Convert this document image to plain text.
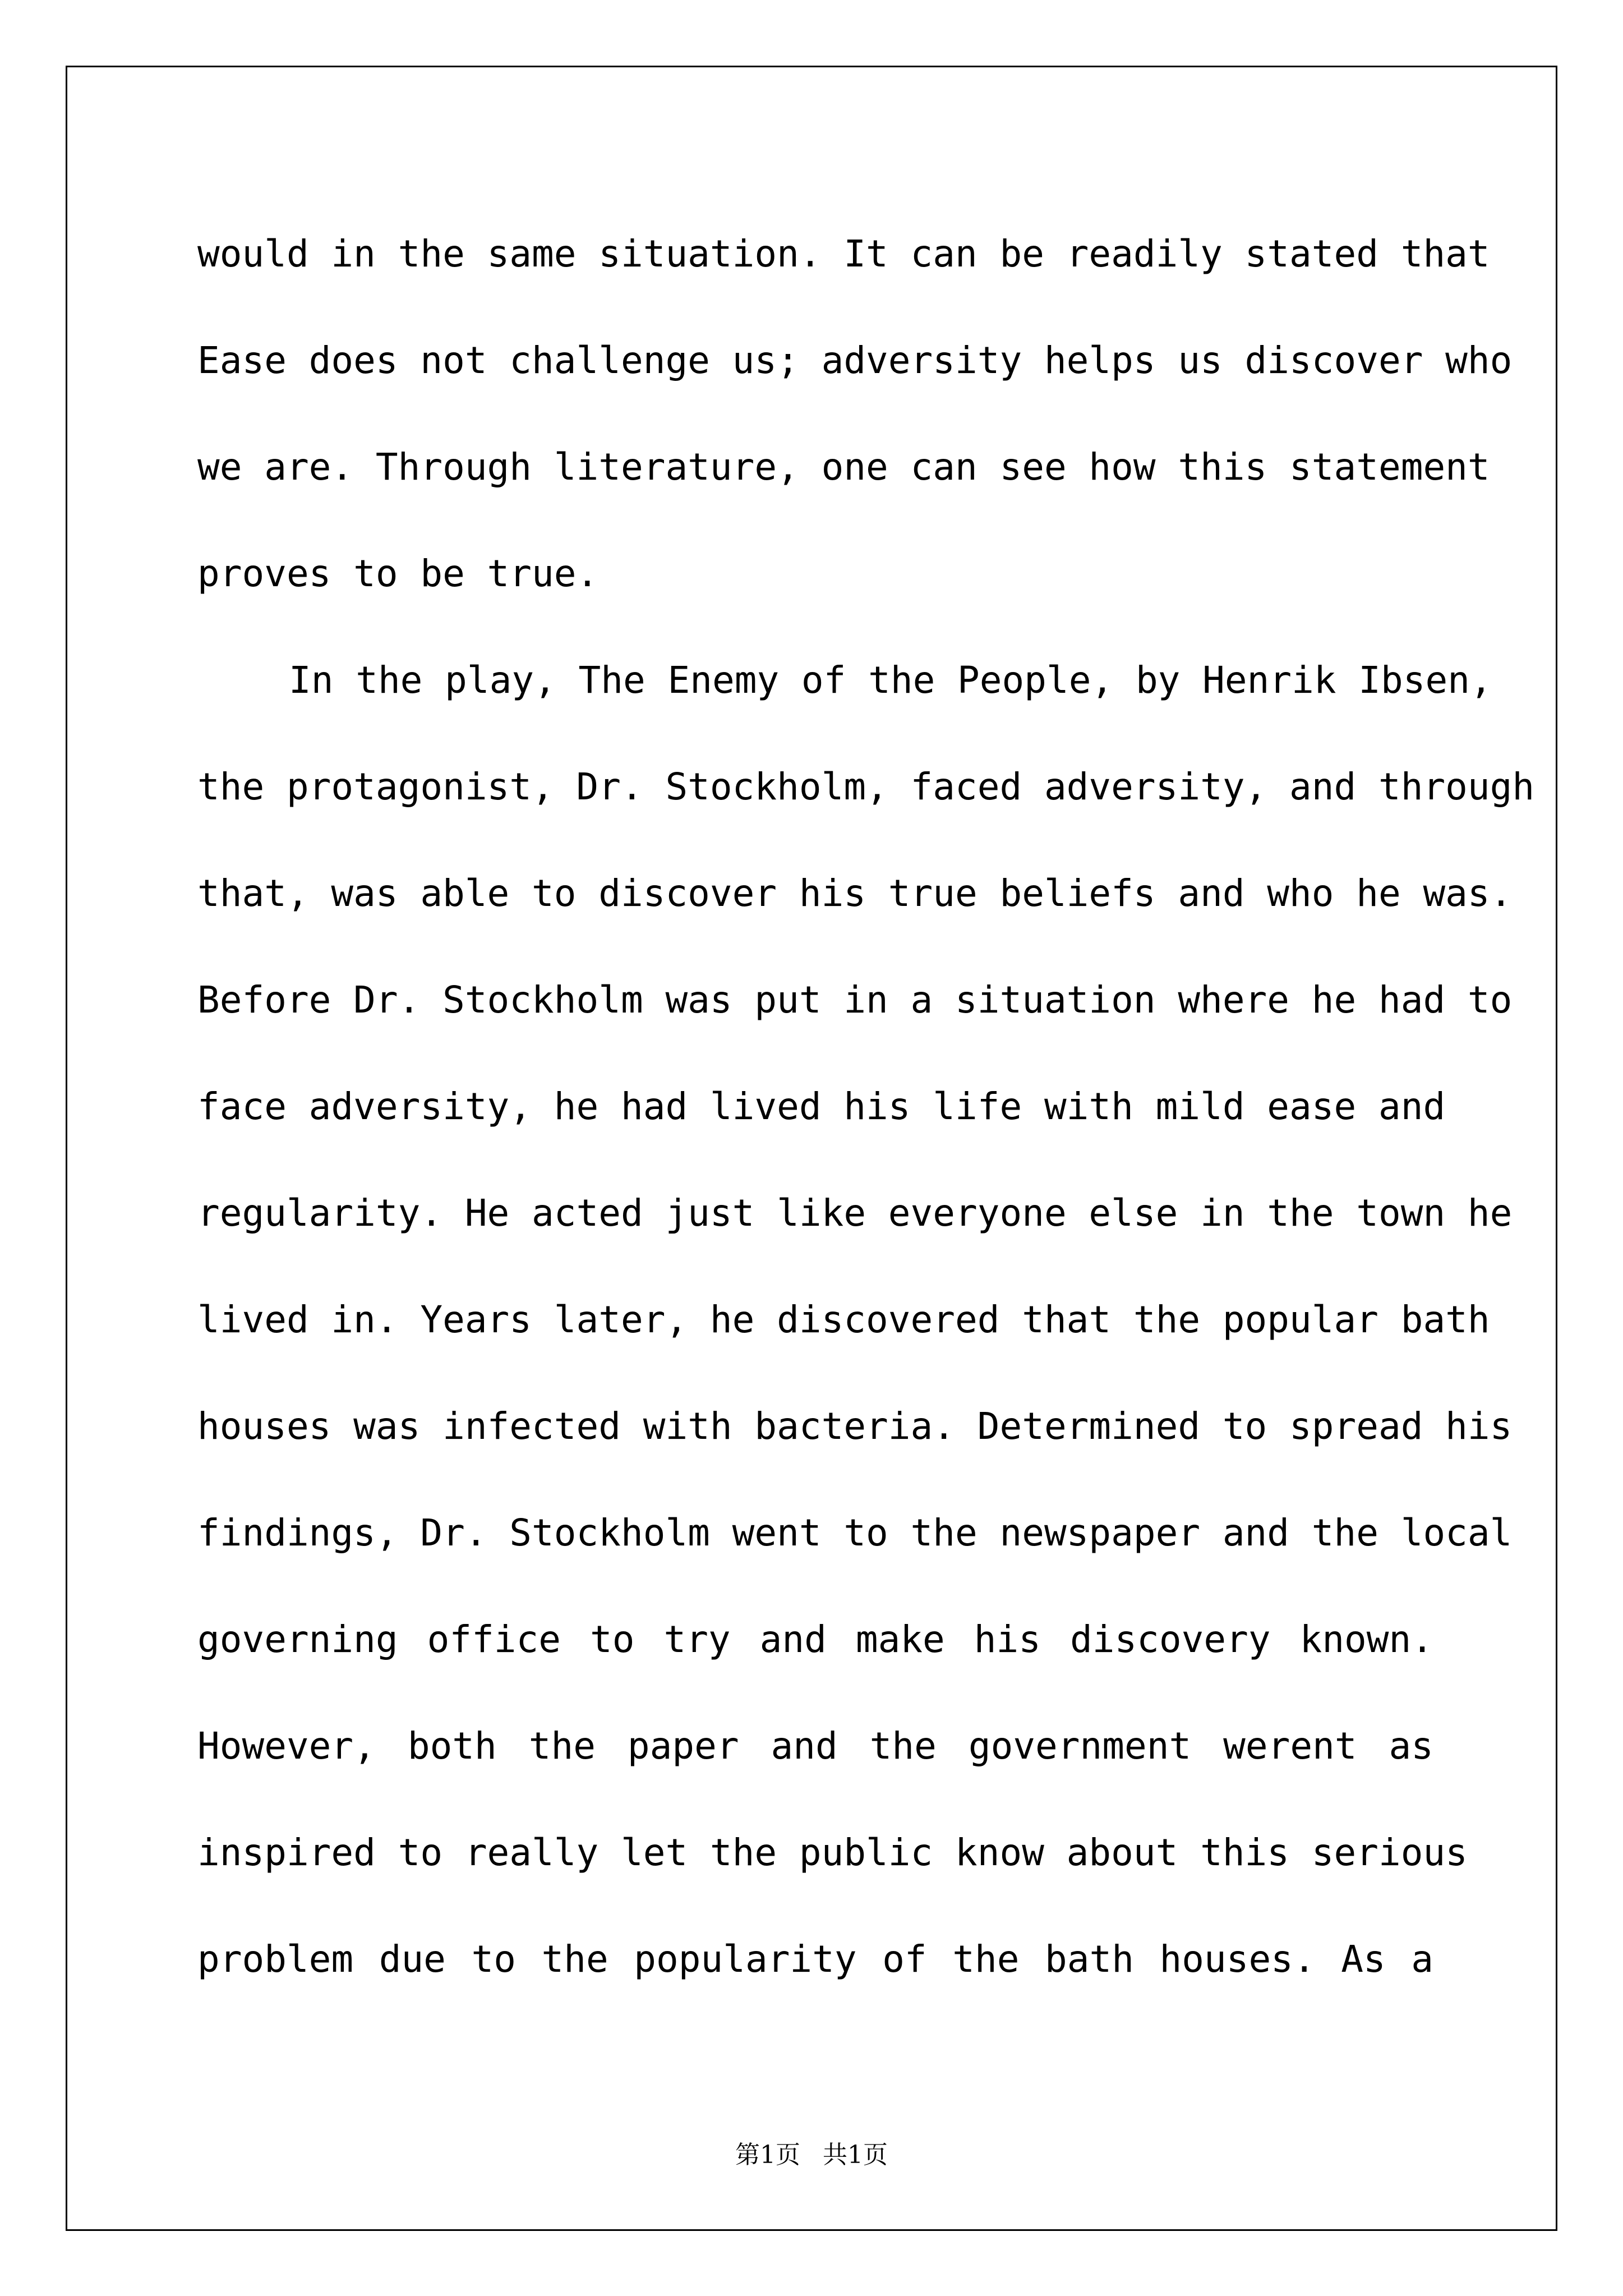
would in the same situation. It can be readily stated that
Ease does not challenge us; adversity helps us discover who
we are. Through literature, one can see how this statement
proves to be true.
In the play, The Enemy of the People, by Henrik Ibsen,
the protagonist, Dr. Stockholm, faced adversity, and through
that, was able to discover his true beliefs and who he was.
Before Dr. Stockholm was put in a situation where he had to
face adversity, he had lived his life with mild ease and
regularity. He acted just like everyone else in the town he
lived in. Years later, he discovered that the popular bath
houses was infected with bacteria. Determined to spread his
findings, Dr. Stockholm went to the newspaper and the local
governing office to try and make his discovery known.
However, both the paper and the government werent as
inspired to really let the public know about this serious
problem due to the popularity of the bath houses. As a
第1页 共1页
